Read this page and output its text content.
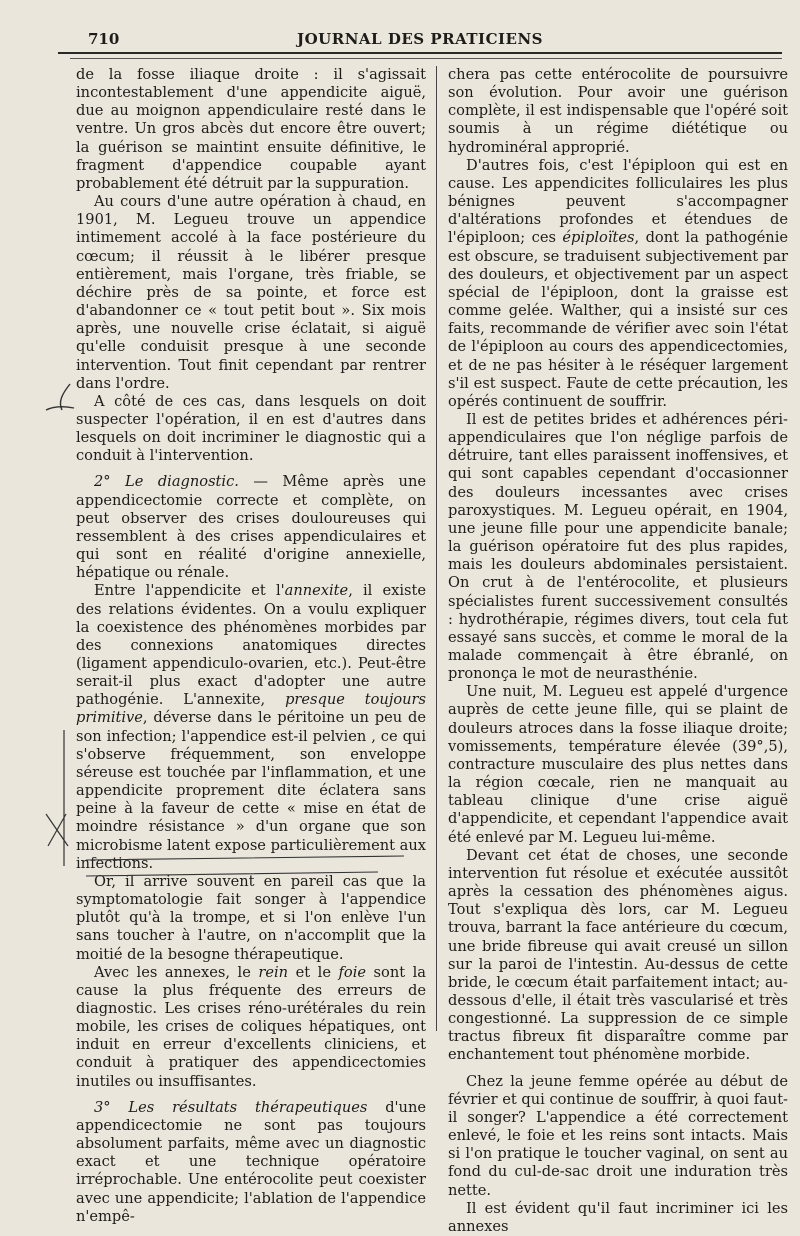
710	JOURNAL DES PRATICIENS

de la fosse iliaque droite : il s'agissait incontestablement d'une appendicite aiguë, due au moignon appendiculaire resté dans le ventre. Un gros abcès dut encore être ouvert; la guérison se maintint ensuite définitive, le fragment d'appendice coupable ayant probablement été détruit par la suppuration.

Au cours d'une autre opération à chaud, en 1901, M. Legueu trouve un appendice intimement accolé à la face postérieure du cœcum; il réussit à le libérer presque entièrement, mais l'organe, très friable, se déchire près de sa pointe, et force est d'abandonner ce « tout petit bout ». Six mois après, une nouvelle crise éclatait, si aiguë qu'elle conduisit presque à une seconde intervention. Tout finit cependant par rentrer dans l'ordre.

A côté de ces cas, dans lesquels on doit suspecter l'opération, il en est d'autres dans lesquels on doit incriminer le diagnostic qui a conduit à l'intervention.

2° Le diagnostic. — Même après une appendicectomie correcte et complète, on peut observer des crises douloureuses qui ressemblent à des crises appendiculaires et qui sont en réalité d'origine annexielle, hépatique ou rénale.

Entre l'appendicite et l'annexite, il existe des relations évidentes. On a voulu expliquer la coexistence des phénomènes morbides par des connexions anatomiques directes (ligament appendiculo-ovarien, etc.). Peut-être serait-il plus exact d'adopter une autre pathogénie. L'annexite, presque toujours primitive, déverse dans le péritoine un peu de son infection; l'appendice est-il pelvien , ce qui s'observe fréquemment, son enveloppe séreuse est touchée par l'inflammation, et une appendicite proprement dite éclatera sans peine à la faveur de cette « mise en état de moindre résistance » d'un organe que son microbisme latent expose particulièrement aux infections.

Or, il arrive souvent en pareil cas que la symptomatologie fait songer à l'appendice plutôt qu'à la trompe, et si l'on enlève l'un sans toucher à l'autre, on n'accomplit que la moitié de la besogne thérapeutique.

Avec les annexes, le rein et le foie sont la cause la plus fréquente des erreurs de diagnostic. Les crises réno-urétérales du rein mobile, les crises de coliques hépatiques, ont induit en erreur d'excellents cliniciens, et conduit à pratiquer des appendicectomies inutiles ou insuffisantes.

3° Les résultats thérapeutiques d'une appendicectomie ne sont pas toujours absolument parfaits, même avec un diagnostic exact et une technique opératoire irréprochable. Une entérocolite peut coexister avec une appendicite; l'ablation de l'appendice n'empê-

chera pas cette entérocolite de poursuivre son évolution. Pour avoir une guérison complète, il est indispensable que l'opéré soit soumis à un régime diététique ou hydrominéral approprié.

D'autres fois, c'est l'épiploon qui est en cause. Les appendicites folliculaires les plus bénignes peuvent s'accompagner d'altérations profondes et étendues de l'épiploon; ces épiploïtes, dont la pathogénie est obscure, se traduisent subjectivement par des douleurs, et objectivement par un aspect spécial de l'épiploon, dont la graisse est comme gelée. Walther, qui a insisté sur ces faits, recommande de vérifier avec soin l'état de l'épiploon au cours des appendicectomies, et de ne pas hésiter à le réséquer largement s'il est suspect. Faute de cette précaution, les opérés continuent de souffrir.

Il est de petites brides et adhérences péri-appendiculaires que l'on néglige parfois de détruire, tant elles paraissent inoffensives, et qui sont capables cependant d'occasionner des douleurs incessantes avec crises paroxystiques. M. Legueu opérait, en 1904, une jeune fille pour une appendicite banale; la guérison opératoire fut des plus rapides, mais les douleurs abdominales persistaient. On crut à de l'entérocolite, et plusieurs spécialistes furent successivement consultés : hydrothérapie, régimes divers, tout cela fut essayé sans succès, et comme le moral de la malade commençait à être ébranlé, on prononça le mot de neurasthénie.

Une nuit, M. Legueu est appelé d'urgence auprès de cette jeune fille, qui se plaint de douleurs atroces dans la fosse iliaque droite; vomissements, température élevée (39°,5), contracture musculaire des plus nettes dans la région cœcale, rien ne manquait au tableau clinique d'une crise aiguë d'appendicite, et cependant l'appendice avait été enlevé par M. Legueu lui-même.

Devant cet état de choses, une seconde intervention fut résolue et exécutée aussitôt après la cessation des phénomènes aigus. Tout s'expliqua dès lors, car M. Legueu trouva, barrant la face antérieure du cœcum, une bride fibreuse qui avait creusé un sillon sur la paroi de l'intestin. Au-dessus de cette bride, le cœcum était parfaitement intact; au-dessous d'elle, il était très vascularisé et très congestionné. La suppression de ce simple tractus fibreux fit disparaître comme par enchantement tout phénomène morbide.

Chez la jeune femme opérée au début de février et qui continue de souffrir, à quoi faut-il songer? L'appendice a été correctement enlevé, le foie et les reins sont intacts. Mais si l'on pratique le toucher vaginal, on sent au fond du cul-de-sac droit une induration très nette.

Il est évident qu'il faut incriminer ici les annexes
